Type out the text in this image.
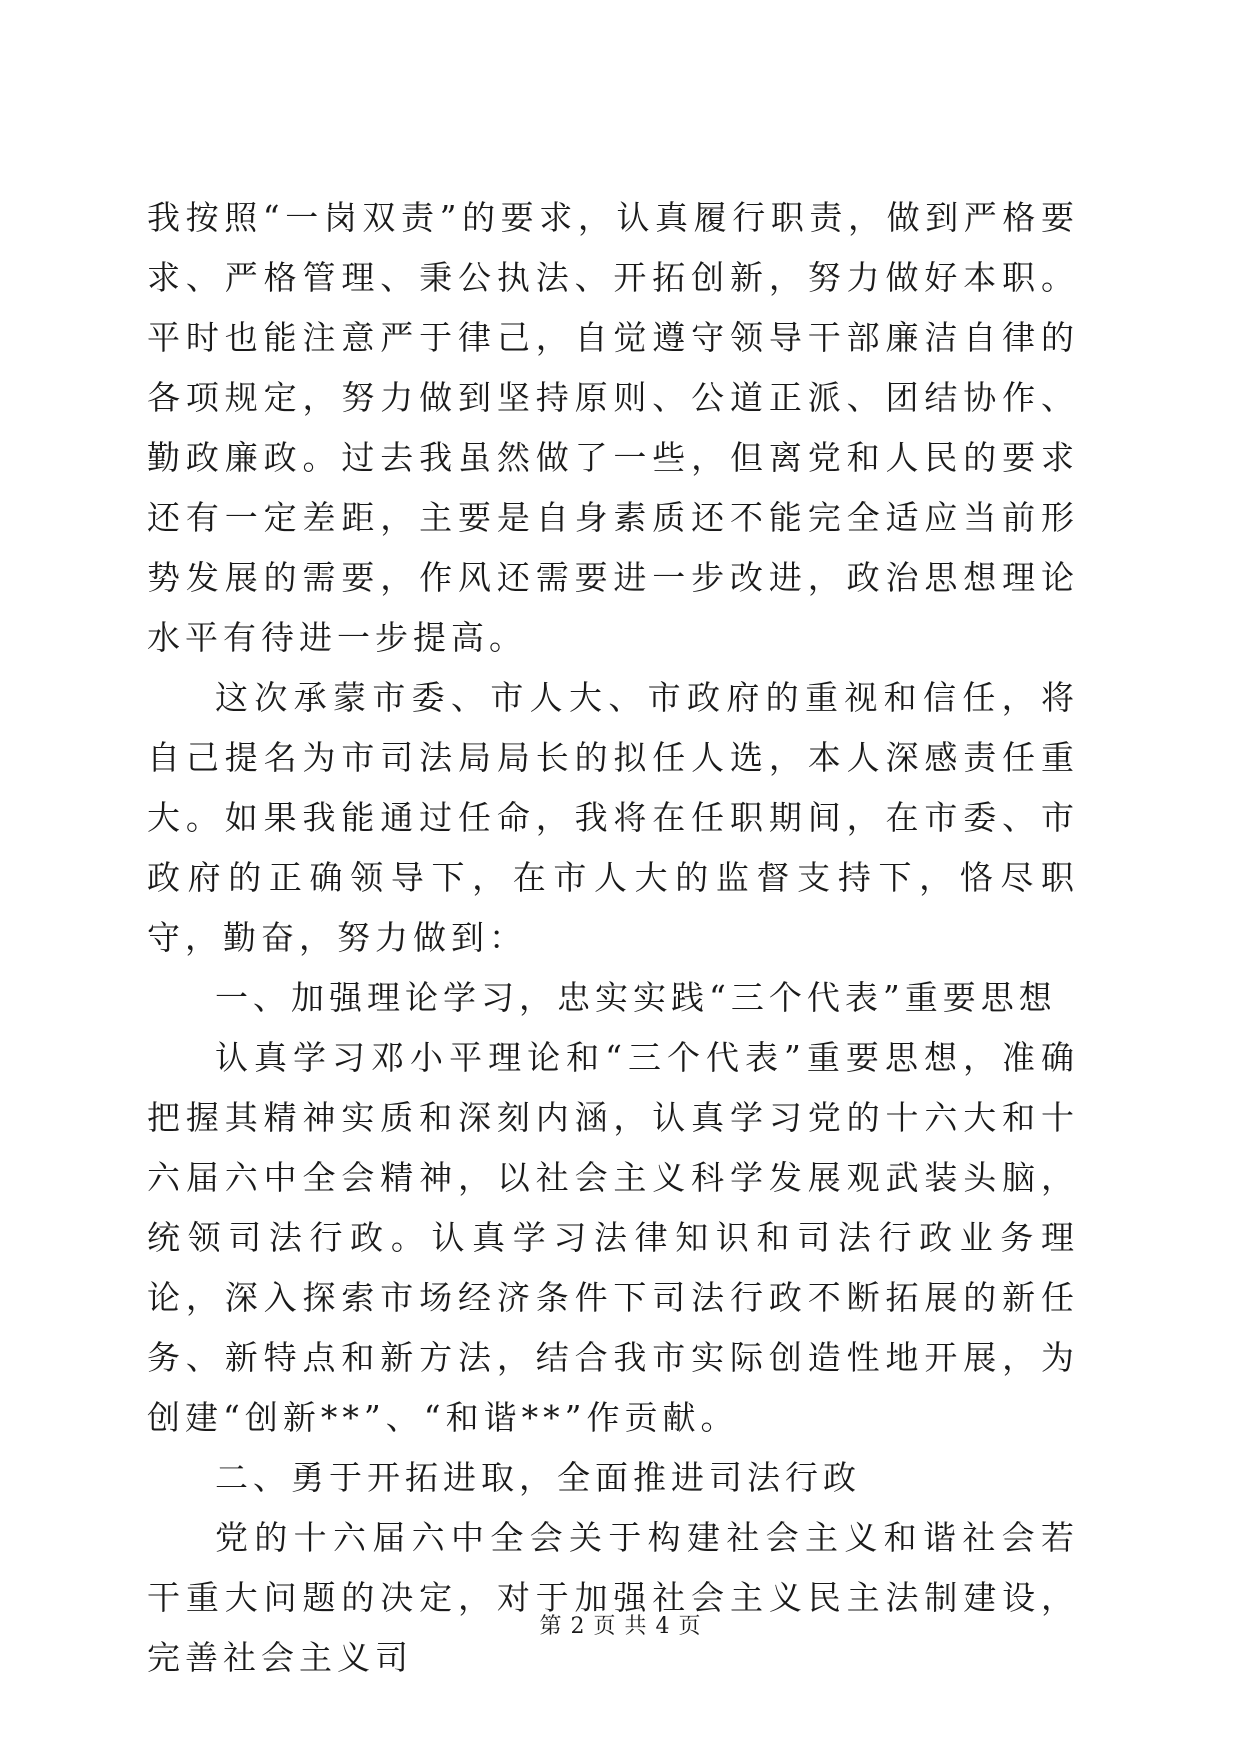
我按照“一岗双责”的要求，认真履行职责，做到严格要求、严格管理、秉公执法、开拓创新，努力做好本职。平时也能注意严于律己，自觉遵守领导干部廉洁自律的各项规定，努力做到坚持原则、公道正派、团结协作、勤政廉政。过去我虽然做了一些，但离党和人民的要求还有一定差距，主要是自身素质还不能完全适应当前形势发展的需要，作风还需要进一步改进，政治思想理论水平有待进一步提高。

这次承蒙市委、市人大、市政府的重视和信任，将自己提名为市司法局局长的拟任人选，本人深感责任重大。如果我能通过任命，我将在任职期间，在市委、市政府的正确领导下，在市人大的监督支持下，恪尽职守，勤奋，努力做到：

一、加强理论学习，忠实实践“三个代表”重要思想

认真学习邓小平理论和“三个代表”重要思想，准确把握其精神实质和深刻内涵，认真学习党的十六大和十六届六中全会精神，以社会主义科学发展观武装头脑，统领司法行政。认真学习法律知识和司法行政业务理论，深入探索市场经济条件下司法行政不断拓展的新任务、新特点和新方法，结合我市实际创造性地开展，为创建“创新**”、“和谐**”作贡献。

二、勇于开拓进取，全面推进司法行政

党的十六届六中全会关于构建社会主义和谐社会若干重大问题的决定，对于加强社会主义民主法制建设，完善社会主义司

第 2 页 共 4 页
